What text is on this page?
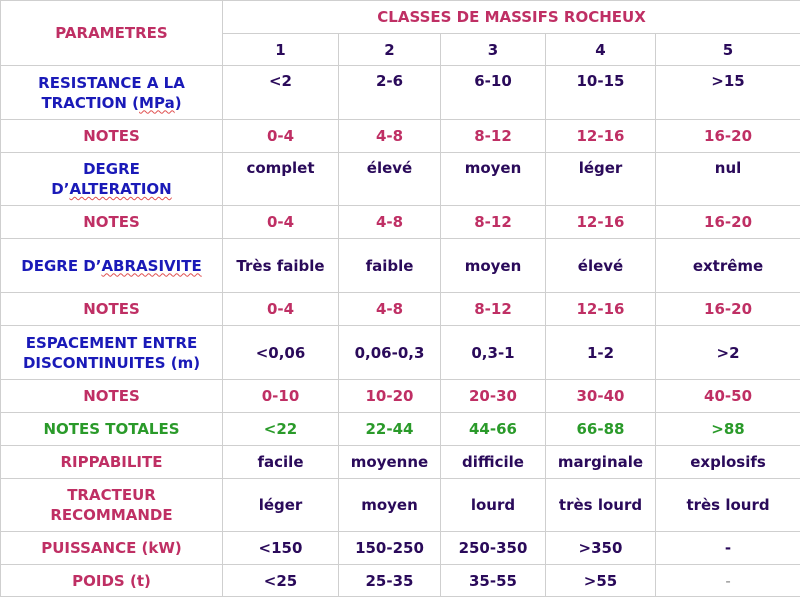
PARAMETRES	CLASSES DE MASSIFS ROCHEUX				
	1	2	3	4	5
RESISTANCE A LA
TRACTION (MPa)	<2	2-6	6-10	10-15	>15
NOTES	0-4	4-8	8-12	12-16	16-20
DEGRE
D’ALTERATION	complet	élevé	moyen	léger	nul
NOTES	0-4	4-8	8-12	12-16	16-20
DEGRE D’ABRASIVITE	Très faible	faible	moyen	élevé	extrême
NOTES	0-4	4-8	8-12	12-16	16-20
ESPACEMENT ENTRE
DISCONTINUITES (m)	<0,06	0,06-0,3	0,3-1	1-2	>2
NOTES	0-10	10-20	20-30	30-40	40-50
NOTES TOTALES	<22	22-44	44-66	66-88	>88
RIPPABILITE	facile	moyenne	difficile	marginale	explosifs
TRACTEUR
RECOMMANDE	léger	moyen	lourd	très lourd	très lourd
PUISSANCE (kW)	<150	150-250	250-350	>350	-
POIDS (t)	<25	25-35	35-55	>55	-
